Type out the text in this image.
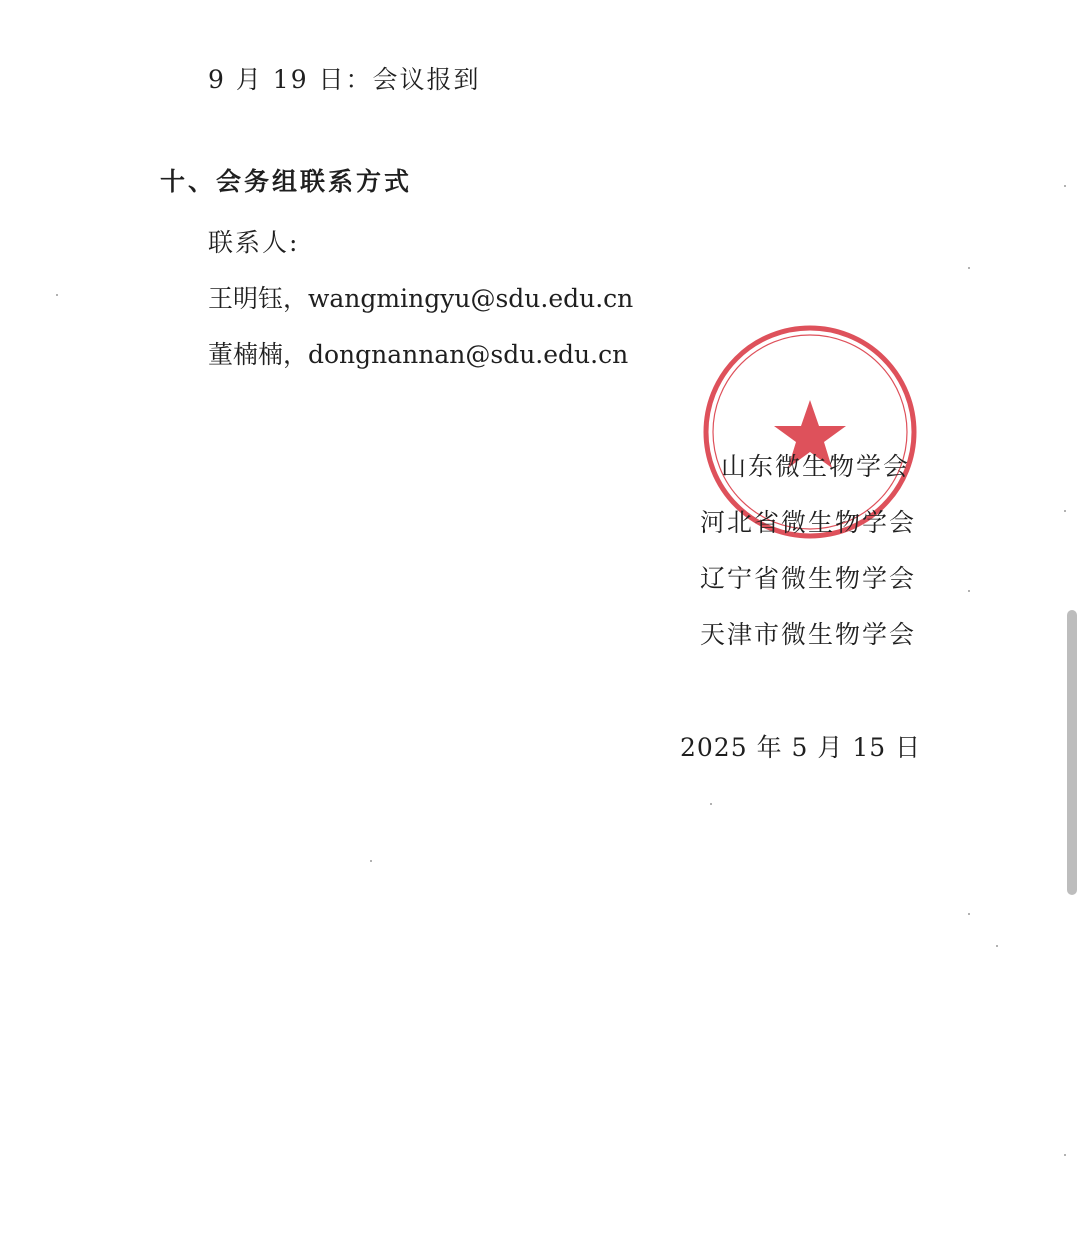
9 月 19 日：会议报到
十、会务组联系方式
联系人:
王明钰，wangmingyu@sdu.edu.cn
董楠楠，dongnannan@sdu.edu.cn
山东微生物学会
河北省微生物学会
辽宁省微生物学会
天津市微生物学会
2025 年 5 月 15 日
